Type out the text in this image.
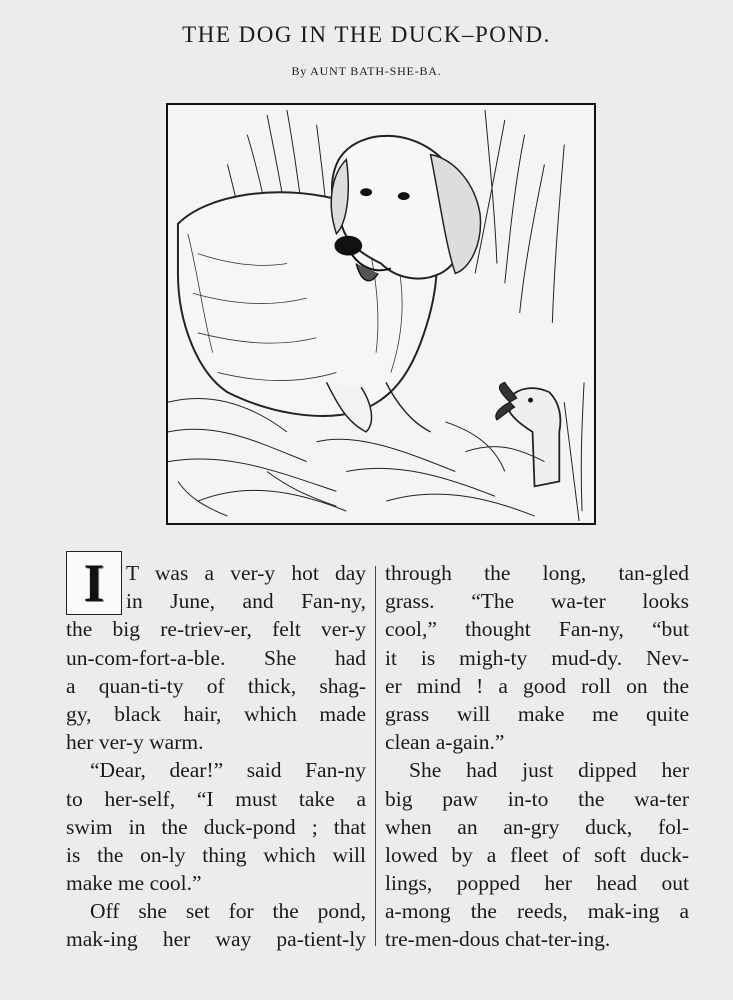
THE DOG IN THE DUCK–POND.
By AUNT BATH-SHE-BA.
I	T was a ver-y hot day
in June, and Fan-ny,
the big re-triev-er, felt ver-y
un-com-fort-a-ble. She had
a quan-ti-ty of thick, shag-
gy, black hair, which made
her ver-y warm.
“Dear, dear!” said Fan-ny
to her-self, “I must take a
swim in the duck-pond ; that
is the on-ly thing which will
make me cool.”
Off she set for the pond,
mak-ing her way pa-tient-ly
through the long, tan-gled
grass. “The wa-ter looks
cool,” thought Fan-ny, “but
it is migh-ty mud-dy. Nev-
er mind ! a good roll on the
grass will make me quite
clean a-gain.”
She had just dipped her
big paw in-to the wa-ter
when an an-gry duck, fol-
lowed by a fleet of soft duck-
lings, popped her head out
a-mong the reeds, mak-ing a
tre-men-dous chat-ter-ing.
